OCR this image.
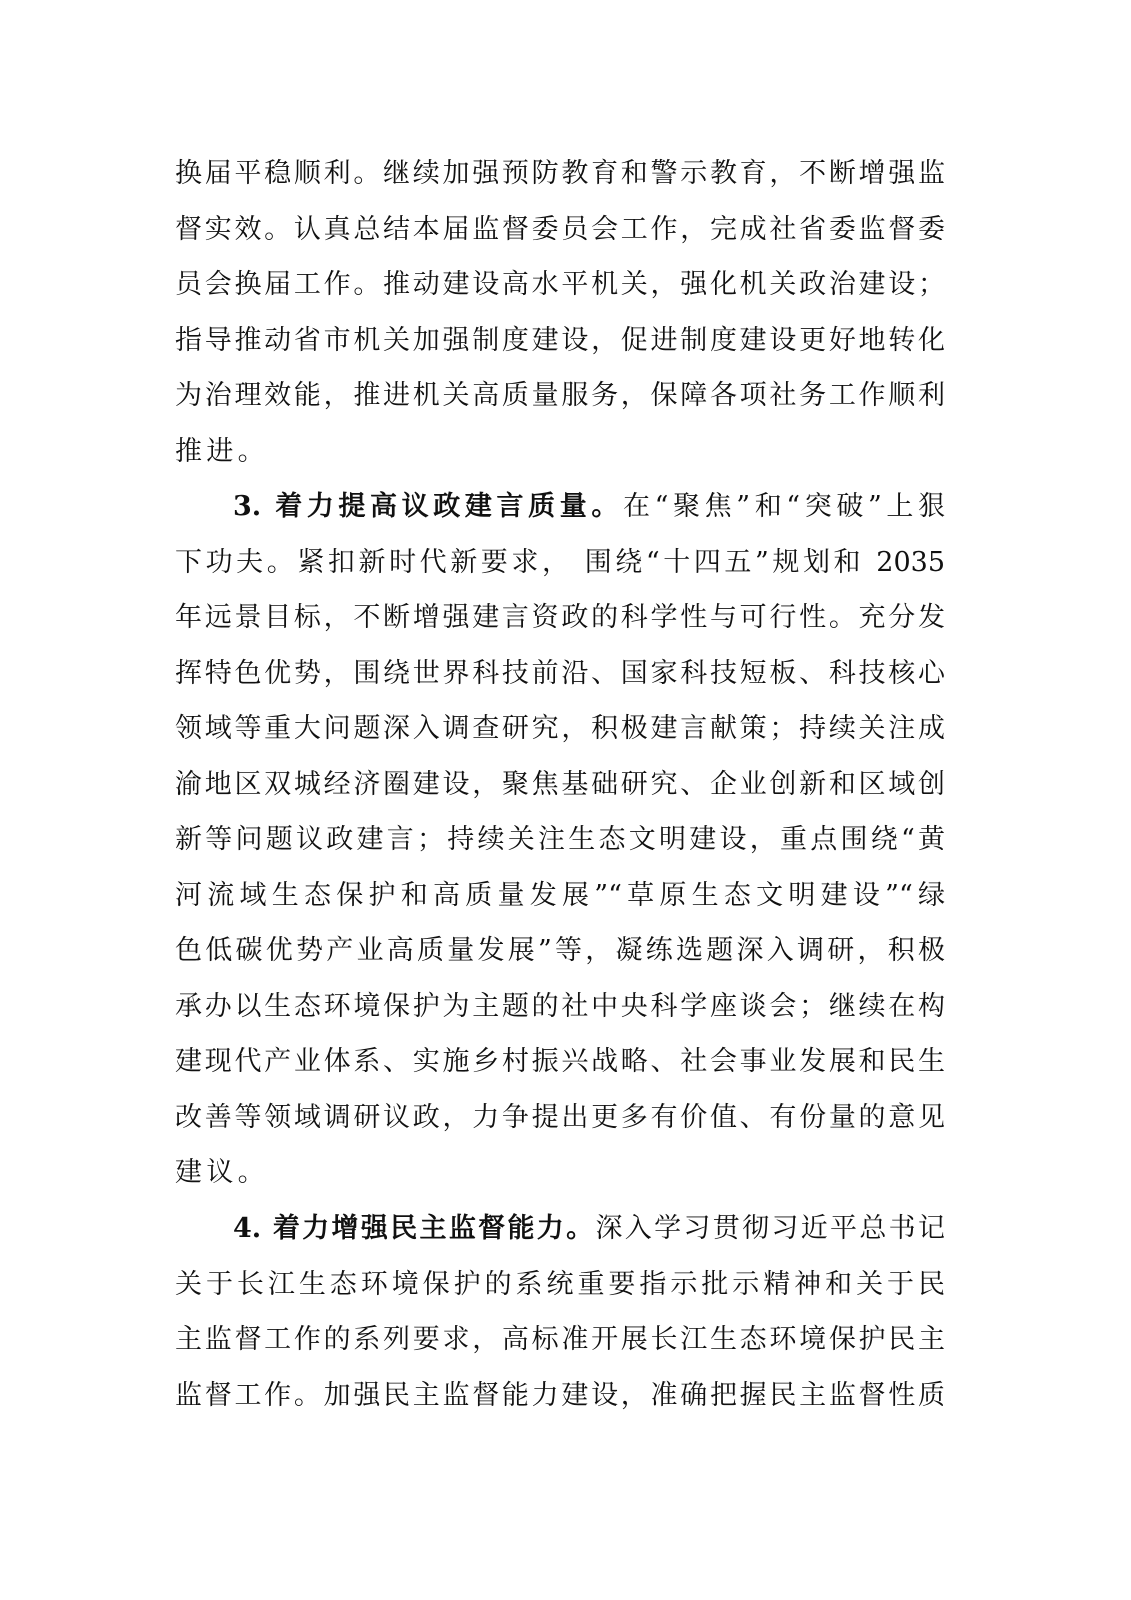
换届平稳顺利。继续加强预防教育和警示教育，不断增强监
督实效。认真总结本届监督委员会工作，完成社省委监督委
员会换届工作。推动建设高水平机关，强化机关政治建设；
指导推动省市机关加强制度建设，促进制度建设更好地转化
为治理效能，推进机关高质量服务，保障各项社务工作顺利
推进。
3. 着力提高议政建言质量。在“聚焦”和“突破”上狠
下功夫。紧扣新时代新要求， 围绕“十四五”规划和 2035
年远景目标，不断增强建言资政的科学性与可行性。充分发
挥特色优势，围绕世界科技前沿、国家科技短板、科技核心
领域等重大问题深入调查研究，积极建言献策；持续关注成
渝地区双城经济圈建设，聚焦基础研究、企业创新和区域创
新等问题议政建言；持续关注生态文明建设，重点围绕“黄
河流域生态保护和高质量发展”“草原生态文明建设”“绿
色低碳优势产业高质量发展”等，凝练选题深入调研，积极
承办以生态环境保护为主题的社中央科学座谈会；继续在构
建现代产业体系、实施乡村振兴战略、社会事业发展和民生
改善等领域调研议政，力争提出更多有价值、有份量的意见
建议。
4. 着力增强民主监督能力。深入学习贯彻习近平总书记
关于长江生态环境保护的系统重要指示批示精神和关于民
主监督工作的系列要求，高标准开展长江生态环境保护民主
监督工作。加强民主监督能力建设，准确把握民主监督性质
